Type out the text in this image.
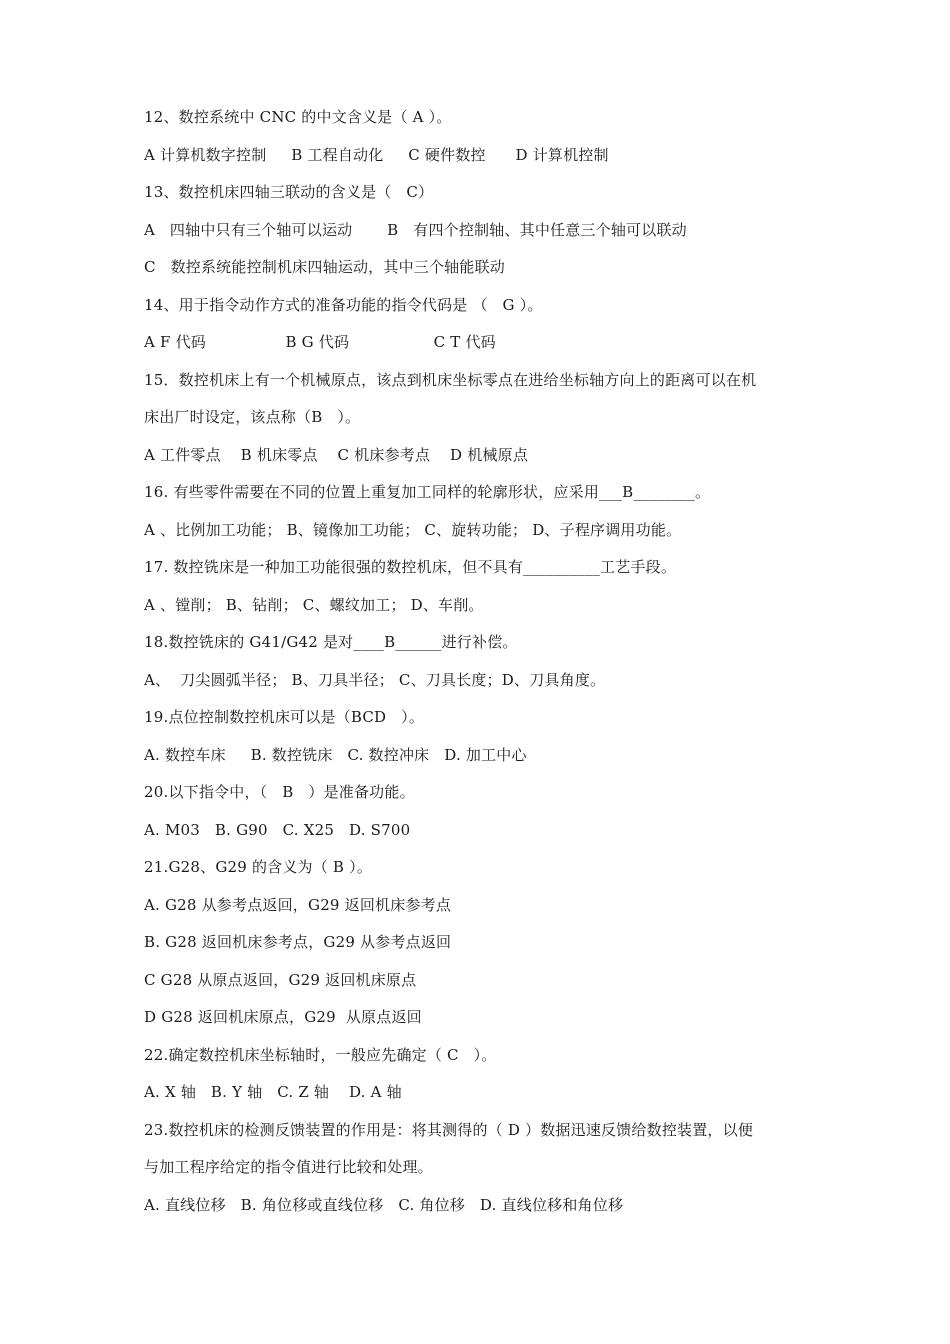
12、数控系统中 CNC 的中文含义是（ A ）。
A 计算机数字控制     B 工程自动化     C 硬件数控      D 计算机控制
13、数控机床四轴三联动的含义是（   C）
A   四轴中只有三个轴可以运动       B   有四个控制轴、其中任意三个轴可以联动
C   数控系统能控制机床四轴运动，其中三个轴能联动
14、用于指令动作方式的准备功能的指令代码是 （   G ）。
A F 代码                B G 代码                 C T 代码
15．数控机床上有一个机械原点，该点到机床坐标零点在进给坐标轴方向上的距离可以在机
床出厂时设定，该点称（B   ）。
A 工件零点    B 机床零点    C 机床参考点    D 机械原点
16. 有些零件需要在不同的位置上重复加工同样的轮廓形状，应采用___B________。
A 、比例加工功能； B、镜像加工功能； C、旋转功能； D、子程序调用功能。
17. 数控铣床是一种加工功能很强的数控机床，但不具有__________工艺手段。
A 、镗削； B、钻削； C、螺纹加工； D、车削。
18.数控铣床的 G41/G42 是对____B______进行补偿。
A、  刀尖圆弧半径； B、刀具半径； C、刀具长度；D、刀具角度。
19.点位控制数控机床可以是（BCD   ）。
A. 数控车床     B. 数控铣床   C. 数控冲床   D. 加工中心
20.以下指令中，（   B   ）是准备功能。
A. M03   B. G90   C. X25   D. S700
21.G28、G29 的含义为（ B ）。
A. G28 从参考点返回，G29 返回机床参考点
B. G28 返回机床参考点，G29 从参考点返回
C G28 从原点返回，G29 返回机床原点
D G28 返回机床原点，G29  从原点返回
22.确定数控机床坐标轴时，一般应先确定（ C   ）。
A. X 轴   B. Y 轴   C. Z 轴    D. A 轴
23.数控机床的检测反馈装置的作用是：将其测得的（ D ）数据迅速反馈给数控装置，以便
与加工程序给定的指令值进行比较和处理。
A. 直线位移   B. 角位移或直线位移   C. 角位移   D. 直线位移和角位移
